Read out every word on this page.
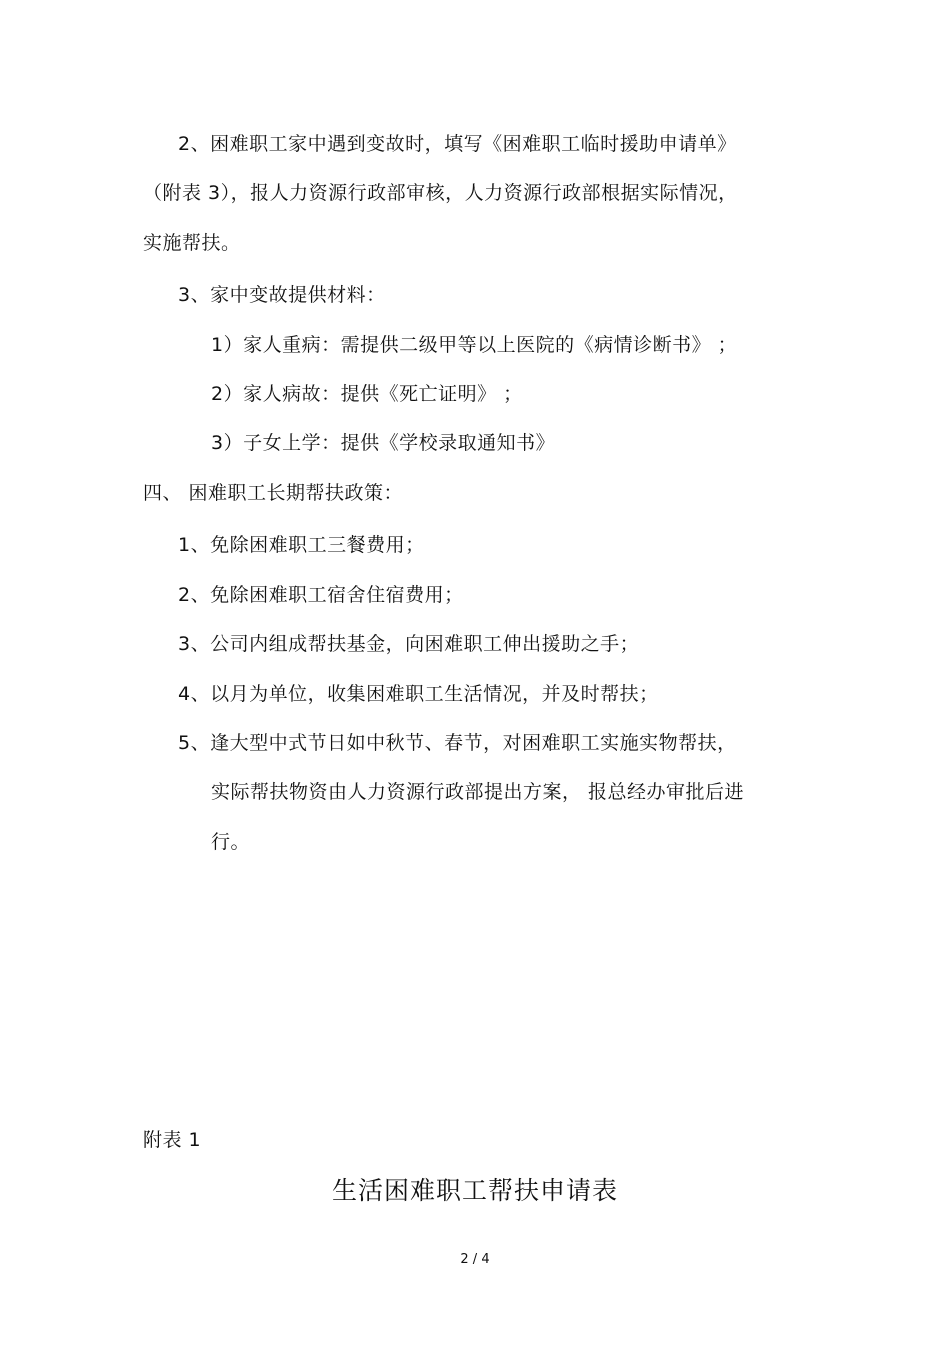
2、困难职工家中遇到变故时，填写《困难职工临时援助申请单》
（附表 3），报人力资源行政部审核，人力资源行政部根据实际情况，
实施帮扶。
3、家中变故提供材料：
1）家人重病：需提供二级甲等以上医院的《病情诊断书》 ；
2）家人病故：提供《死亡证明》 ；
3）子女上学：提供《学校录取通知书》
四、 困难职工长期帮扶政策：
1、免除困难职工三餐费用；
2、免除困难职工宿舍住宿费用；
3、公司内组成帮扶基金，向困难职工伸出援助之手；
4、以月为单位，收集困难职工生活情况，并及时帮扶；
5、逢大型中式节日如中秋节、春节，对困难职工实施实物帮扶，
实际帮扶物资由人力资源行政部提出方案， 报总经办审批后进
行。
附表 1
生活困难职工帮扶申请表
2 / 4
